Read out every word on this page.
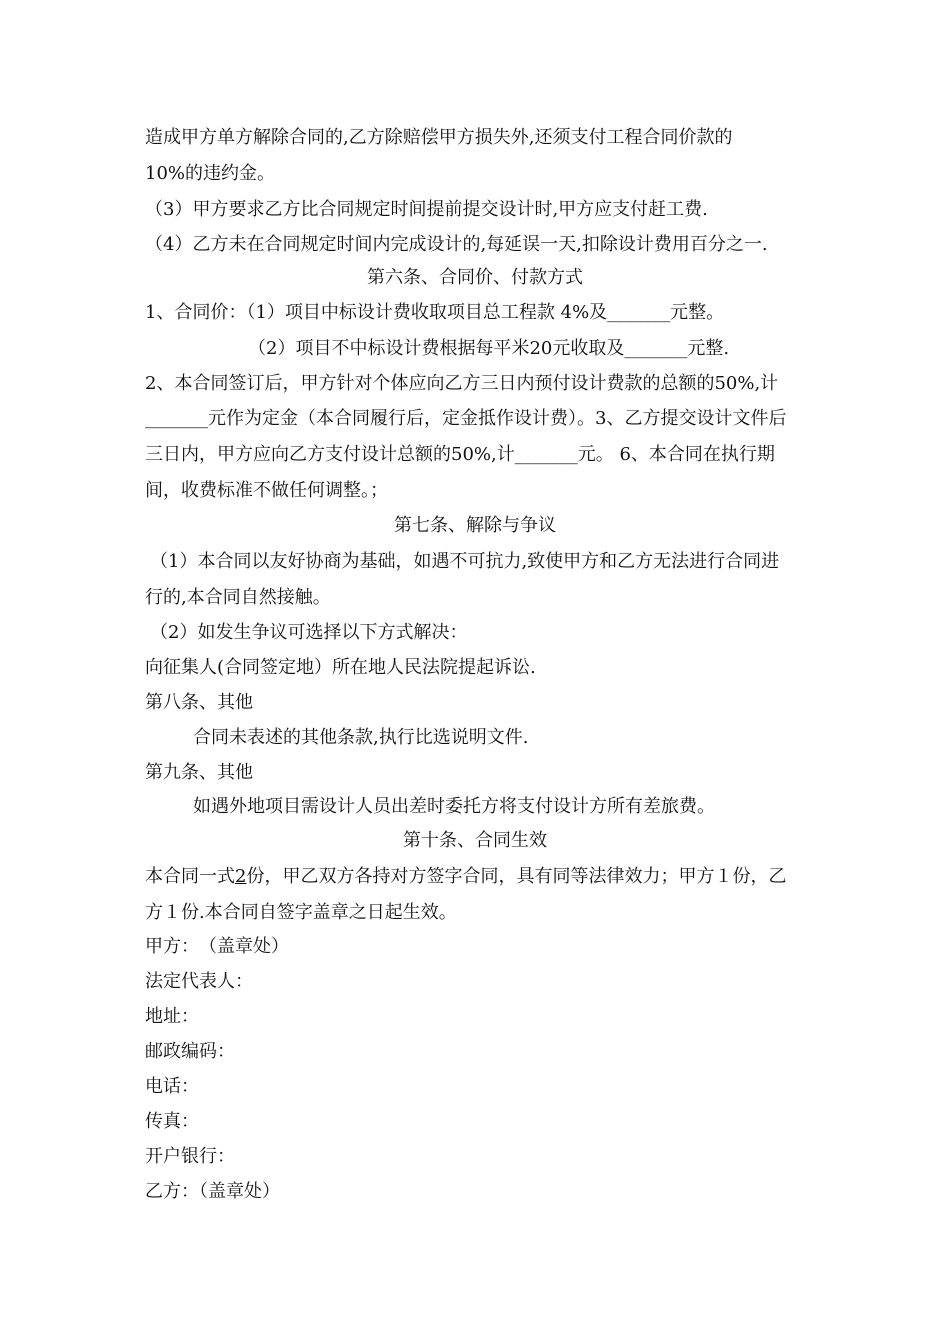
造成甲方单方解除合同的,乙方除赔偿甲方损失外,还须支付工程合同价款的
10%的违约金。
（3）甲方要求乙方比合同规定时间提前提交设计时,甲方应支付赶工费.
（4）乙方未在合同规定时间内完成设计的,每延误一天,扣除设计费用百分之一.
第六条、合同价、付款方式
1、合同价：（1）项目中标设计费收取项目总工程款 4%及_______元整。
（2）项目不中标设计费根据每平米20元收取及_______元整.
2、本合同签订后，甲方针对个体应向乙方三日内预付设计费款的总额的50%,计
_______元作为定金（本合同履行后，定金抵作设计费）。3、乙方提交设计文件后
三日内，甲方应向乙方支付设计总额的50%,计_______元。 6、本合同在执行期
间，收费标准不做任何调整。；
第七条、解除与争议
（1）本合同以友好协商为基础，如遇不可抗力,致使甲方和乙方无法进行合同进
行的,本合同自然接触。
（2）如发生争议可选择以下方式解决：
向征集人(合同签定地）所在地人民法院提起诉讼.
第八条、其他
合同未表述的其他条款,执行比选说明文件.
第九条、其他
如遇外地项目需设计人员出差时委托方将支付设计方所有差旅费。
第十条、合同生效
本合同一式2份，甲乙双方各持对方签字合同，具有同等法律效力；甲方１份，乙
方１份.本合同自签字盖章之日起生效。
甲方：　（盖章处）
法定代表人：
地址：
邮政编码：
电话：
传真：
开户银行：
乙方：（盖章处）
